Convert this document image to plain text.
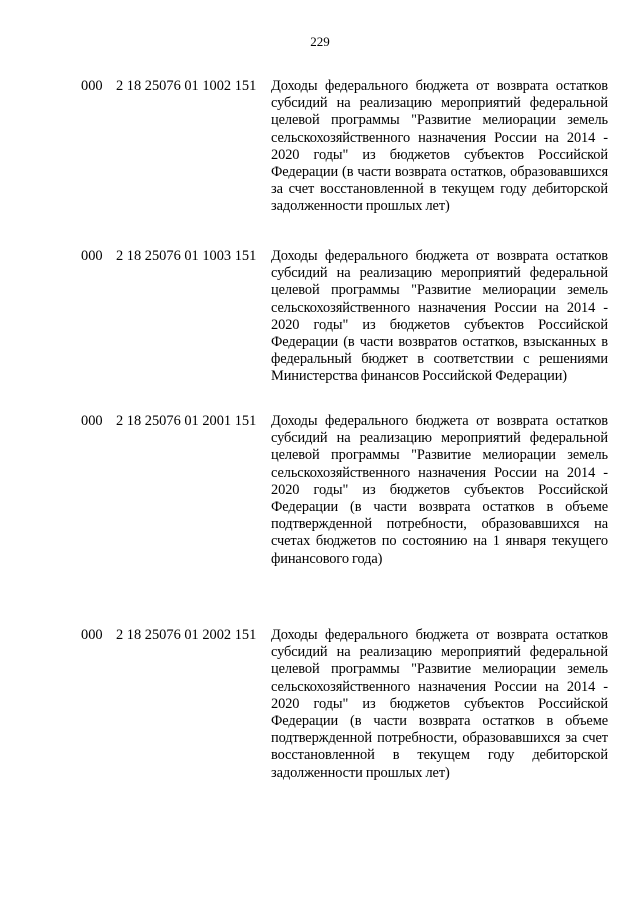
229
000 2 18 25076 01 1002 151 Доходы федерального бюджета от возврата остатков субсидий на реализацию мероприятий федеральной целевой программы "Развитие мелиорации земель сельскохозяйственного назначения России на 2014 - 2020 годы" из бюджетов субъектов Российской Федерации (в части возврата остатков, образовавшихся за счет восстановленной в текущем году дебиторской задолженности прошлых лет)
000 2 18 25076 01 1003 151 Доходы федерального бюджета от возврата остатков субсидий на реализацию мероприятий федеральной целевой программы "Развитие мелиорации земель сельскохозяйственного назначения России на 2014 - 2020 годы" из бюджетов субъектов Российской Федерации (в части возвратов остатков, взысканных в федеральный бюджет в соответствии с решениями Министерства финансов Российской Федерации)
000 2 18 25076 01 2001 151 Доходы федерального бюджета от возврата остатков субсидий на реализацию мероприятий федеральной целевой программы "Развитие мелиорации земель сельскохозяйственного назначения России на 2014 - 2020 годы" из бюджетов субъектов Российской Федерации (в части возврата остатков в объеме подтвержденной потребности, образовавшихся на счетах бюджетов по состоянию на 1 января текущего финансового года)
000 2 18 25076 01 2002 151 Доходы федерального бюджета от возврата остатков субсидий на реализацию мероприятий федеральной целевой программы "Развитие мелиорации земель сельскохозяйственного назначения России на 2014 - 2020 годы" из бюджетов субъектов Российской Федерации (в части возврата остатков в объеме подтвержденной потребности, образовавшихся за счет восстановленной в текущем году дебиторской задолженности прошлых лет)
